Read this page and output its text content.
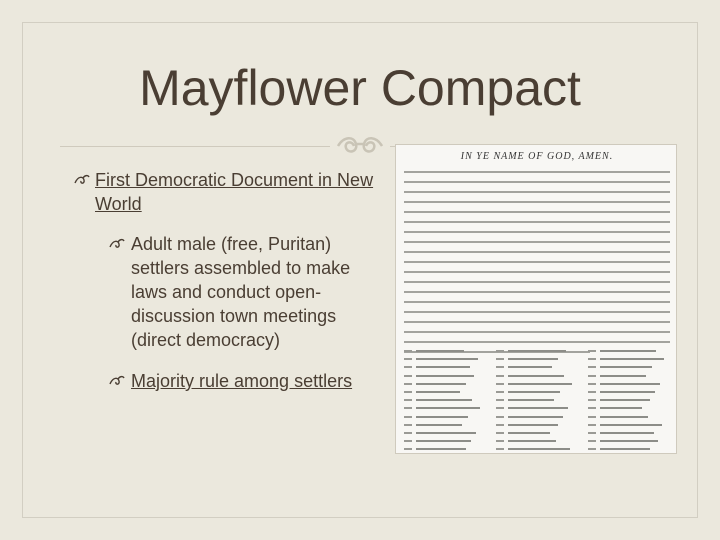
Mayflower Compact
First Democratic Document in New World
Adult male (free, Puritan) settlers assembled to make laws and conduct open-discussion town meetings (direct democracy)
Majority rule among settlers
IN YE NAME OF GOD, AMEN.
